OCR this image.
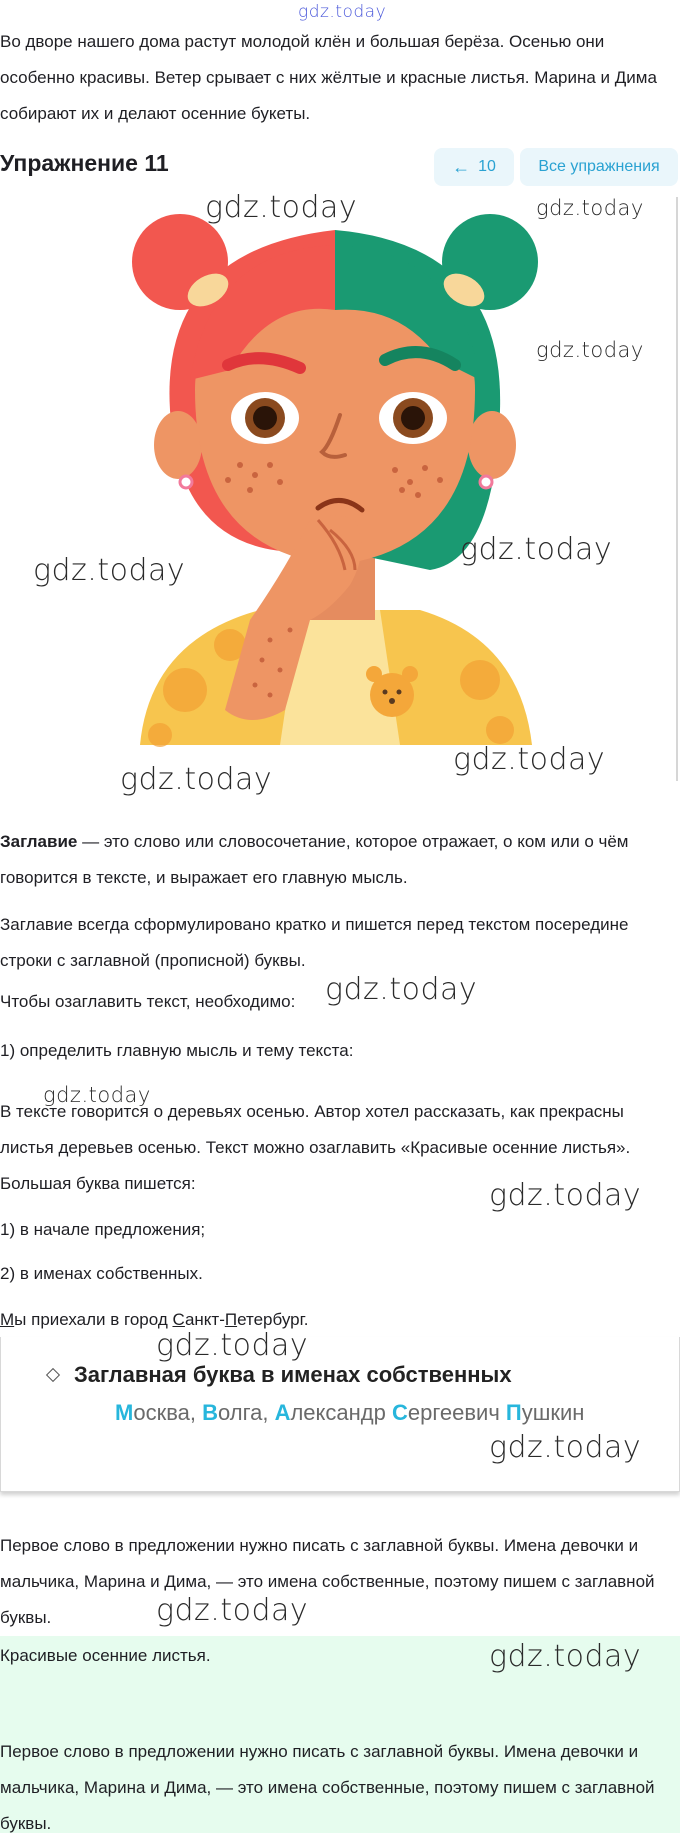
gdz.today

Во дворе нашего дома растут молодой клён и большая берёза. Осенью они особенно красивы. Ветер срывает с них жёлтые и красные листья. Марина и Дима собирают их и делают осенние букеты.

Упражнение 11	← 10	Все упражнения

Заглавие — это слово или словосочетание, которое отражает, о ком или о чём говорится в тексте, и выражает его главную мысль.

Заглавие всегда сформулировано кратко и пишется перед текстом посередине строки с заглавной (прописной) буквы.

Чтобы озаглавить текст, необходимо:

1) определить главную мысль и тему текста:

В тексте говорится о деревьях осенью. Автор хотел рассказать, как прекрасны листья деревьев осенью. Текст можно озаглавить «Красивые осенние листья».

Большая буква пишется:

1) в начале предложения;

2) в именах собственных.

Мы приехали в город Санкт-Петербург.

Заглавная буква в именах собственных
Москва, Волга, Александр Сергеевич Пушкин

Первое слово в предложении нужно писать с заглавной буквы. Имена девочки и мальчика, Марина и Дима, — это имена собственные, поэтому пишем с заглавной буквы.

Красивые осенние листья.

Первое слово в предложении нужно писать с заглавной буквы. Имена девочки и мальчика, Марина и Дима, — это имена собственные, поэтому пишем с заглавной буквы.

gdz.today	gdz.today
gdz.today
gdz.today
gdz.today
gdz.today
gdz.today
gdz.today
gdz.today
gdz.today
gdz.today
gdz.today
gdz.today
gdz.today
